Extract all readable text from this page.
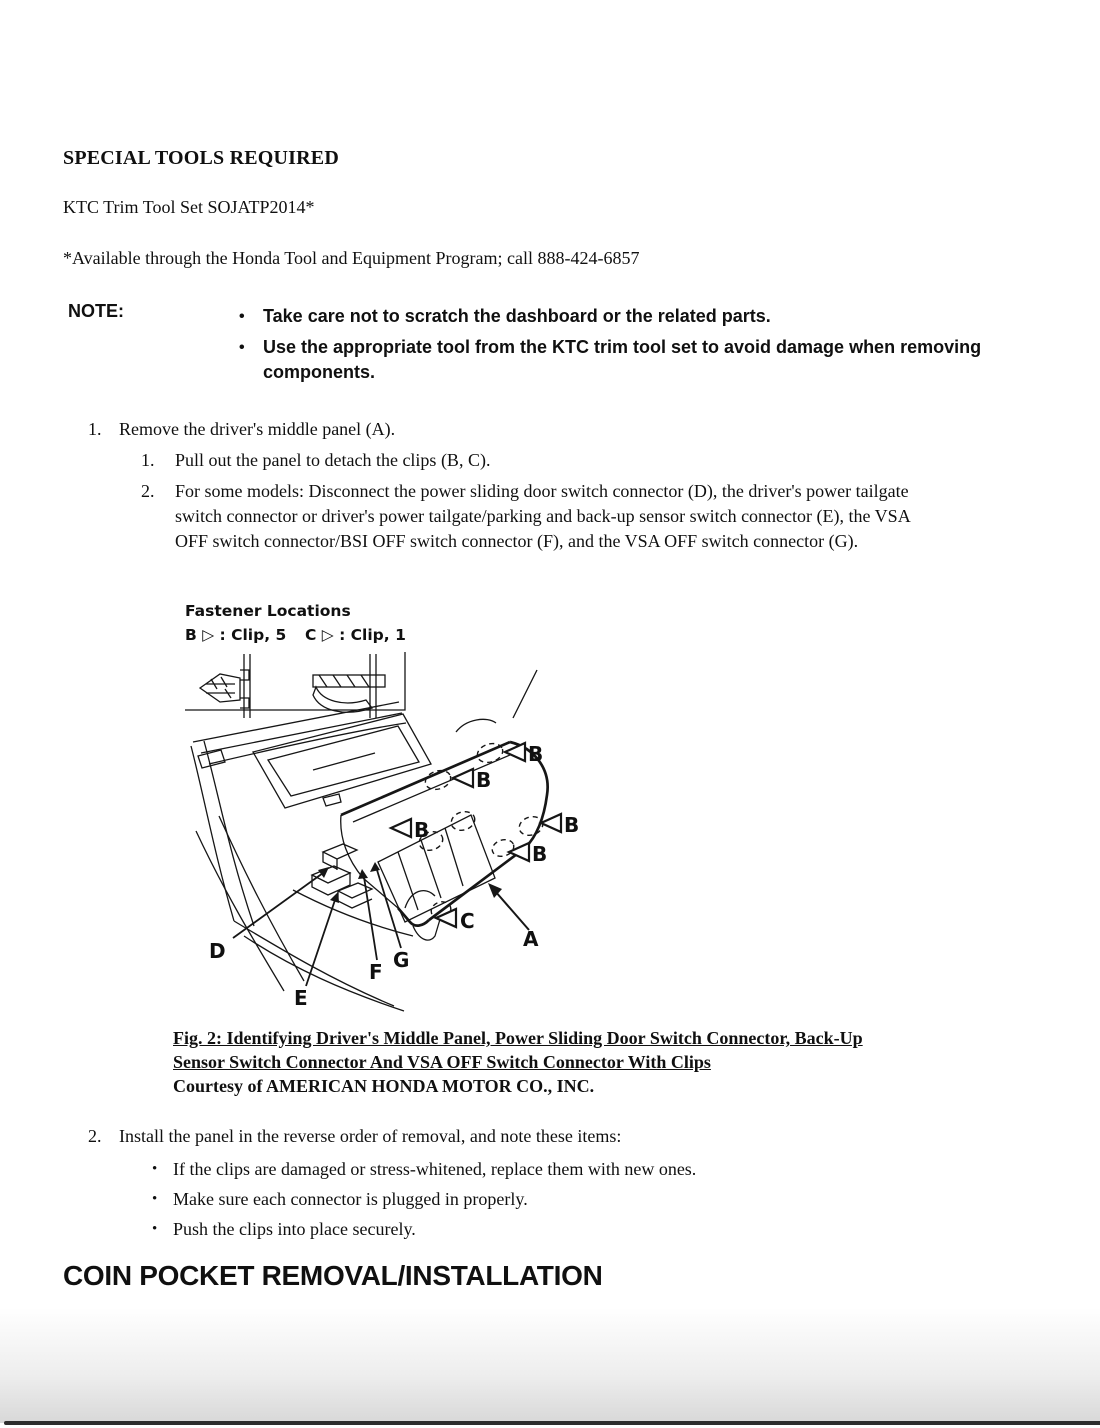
SPECIAL TOOLS REQUIRED
KTC Trim Tool Set SOJATP2014*
*Available through the Honda Tool and Equipment Program; call 888-424-6857
NOTE:	•	Take care not to scratch the dashboard or the related parts.
•	Use the appropriate tool from the KTC trim tool set to avoid damage when removing components.
1. Remove the driver's middle panel (A).
1.	Pull out the panel to detach the clips (B, C).
2.	For some models: Disconnect the power sliding door switch connector (D), the driver's power tailgate switch connector or driver's power tailgate/parking and back-up sensor switch connector (E), the VSA OFF switch connector/BSI OFF switch connector (F), and the VSA OFF switch connector (G).
Fastener Locations
B ▷ : Clip, 5 C ▷ : Clip, 1
B
B
B	B
B
C
A
D
E
F G
Fig. 2: Identifying Driver's Middle Panel, Power Sliding Door Switch Connector, Back-Up
Sensor Switch Connector And VSA OFF Switch Connector With Clips
Courtesy of AMERICAN HONDA MOTOR CO., INC.
2. Install the panel in the reverse order of removal, and note these items:
• If the clips are damaged or stress-whitened, replace them with new ones.
• Make sure each connector is plugged in properly.
• Push the clips into place securely.
COIN POCKET REMOVAL/INSTALLATION
